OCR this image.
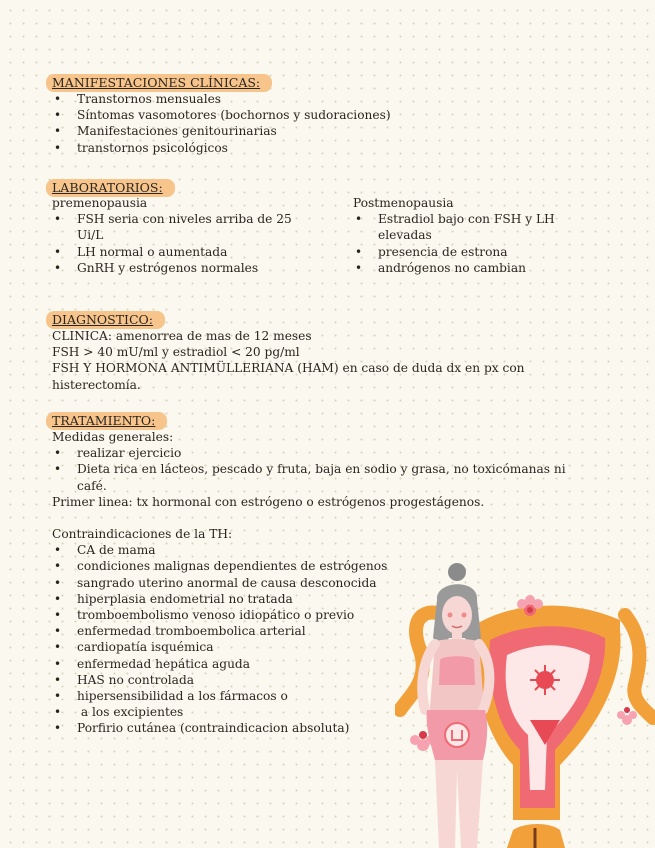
MANIFESTACIONES CLÍNICAS:
• Transtornos mensuales
• Síntomas vasomotores (bochornos y sudoraciones)
• Manifestaciones genitourinarias
• transtornos psicológicos
LABORATORIOS:
premenopausia
• FSH seria con niveles arriba de 25 Ui/L
• LH normal o aumentada
• GnRH y estrógenos normales
Postmenopausia
• Estradiol bajo con FSH y LH elevadas
• presencia de estrona
• andrógenos no cambian
DIAGNOSTICO:
CLINICA: amenorrea de mas de 12 meses
FSH > 40 mU/ml y estradiol < 20 pg/ml
FSH Y HORMONA ANTIMÜLLERIANA (HAM) en caso de duda dx en px con histerectomía.
TRATAMIENTO:
Medidas generales:
• realizar ejercicio
• Dieta rica en lácteos, pescado y fruta, baja en sodio y grasa, no toxicómanas ni café.
Primer linea: tx hormonal con estrógeno o estrógenos progestágenos.
Contraindicaciones de la TH:
• CA de mama
• condiciones malignas dependientes de estrógenos
• sangrado uterino anormal de causa desconocida
• hiperplasia endometrial no tratada
• tromboembolismo venoso idiopático o previo
• enfermedad tromboembolica arterial
• cardiopatía isquémica
• enfermedad hepática aguda
• HAS no controlada
• hipersensibilidad a los fármacos o
•  a los excipientes
• Porfirio cutánea (contraindicacion absoluta)
